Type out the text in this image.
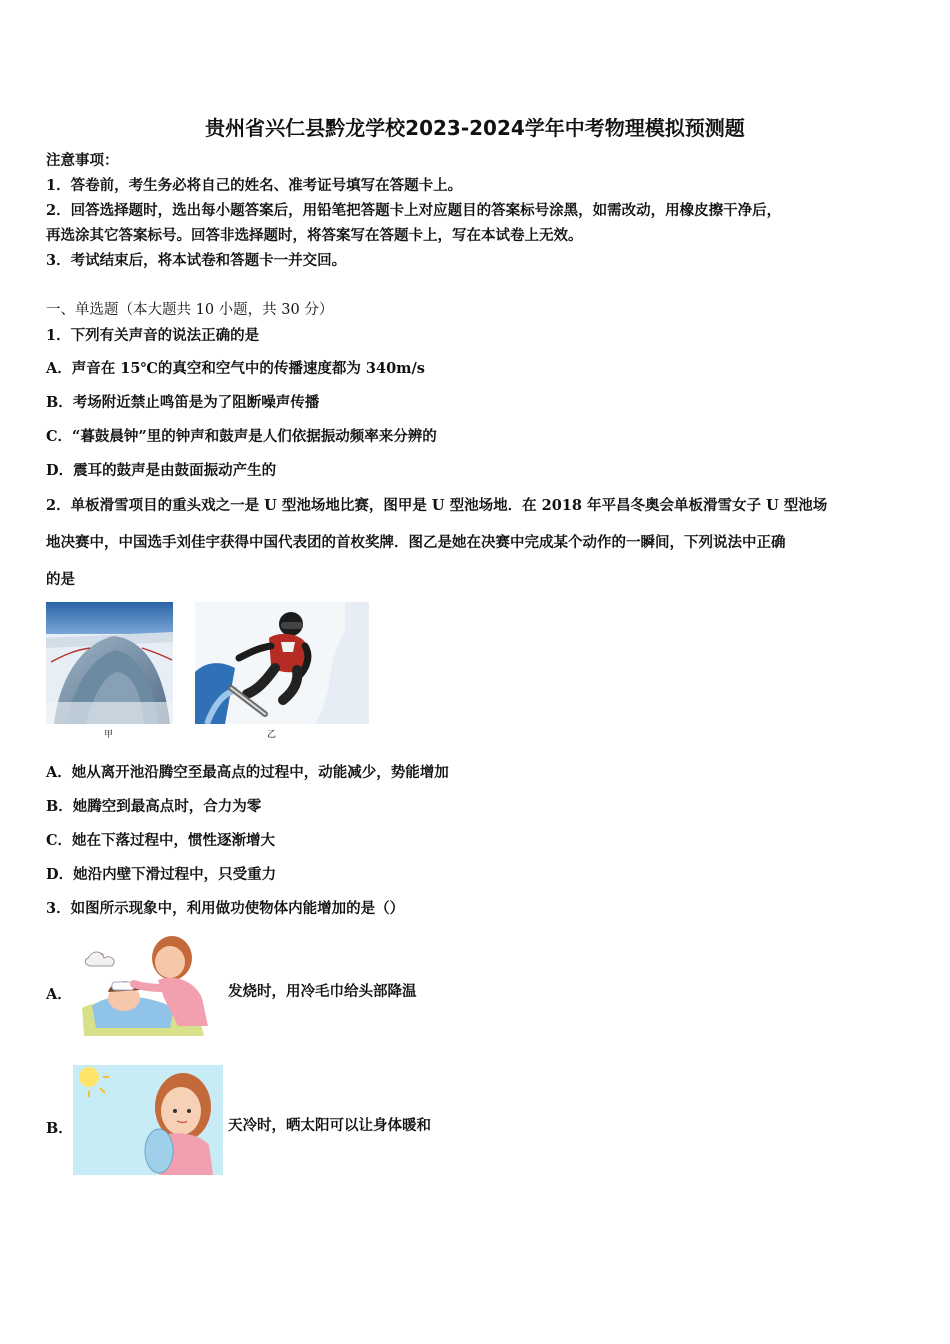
贵州省兴仁县黔龙学校2023-2024学年中考物理模拟预测题
注意事项：
1．答卷前，考生务必将自己的姓名、准考证号填写在答题卡上。
2．回答选择题时，选出每小题答案后，用铅笔把答题卡上对应题目的答案标号涂黑，如需改动，用橡皮擦干净后，
再选涂其它答案标号。回答非选择题时，将答案写在答题卡上，写在本试卷上无效。
3．考试结束后，将本试卷和答题卡一并交回。
一、单选题（本大题共 10 小题，共 30 分）
1．下列有关声音的说法正确的是
A．声音在 15℃的真空和空气中的传播速度都为 340m/s
B．考场附近禁止鸣笛是为了阻断噪声传播
C．“暮鼓晨钟”里的钟声和鼓声是人们依据振动频率来分辨的
D．震耳的鼓声是由鼓面振动产生的
2．单板滑雪项目的重头戏之一是 U 型池场地比赛，图甲是 U 型池场地．在 2018 年平昌冬奥会单板滑雪女子 U 型池场
地决赛中，中国选手刘佳宇获得中国代表团的首枚奖牌．图乙是她在决赛中完成某个动作的一瞬间，下列说法中正确
的是
甲	乙
A．她从离开池沿腾空至最高点的过程中，动能减少，势能增加
B．她腾空到最高点时，合力为零
C．她在下落过程中，惯性逐渐增大
D．她沿内壁下滑过程中，只受重力
3．如图所示现象中，利用做功使物体内能增加的是（）
A．
~
发烧时，用冷毛巾给头部降温
B．	天冷时，晒太阳可以让身体暖和
